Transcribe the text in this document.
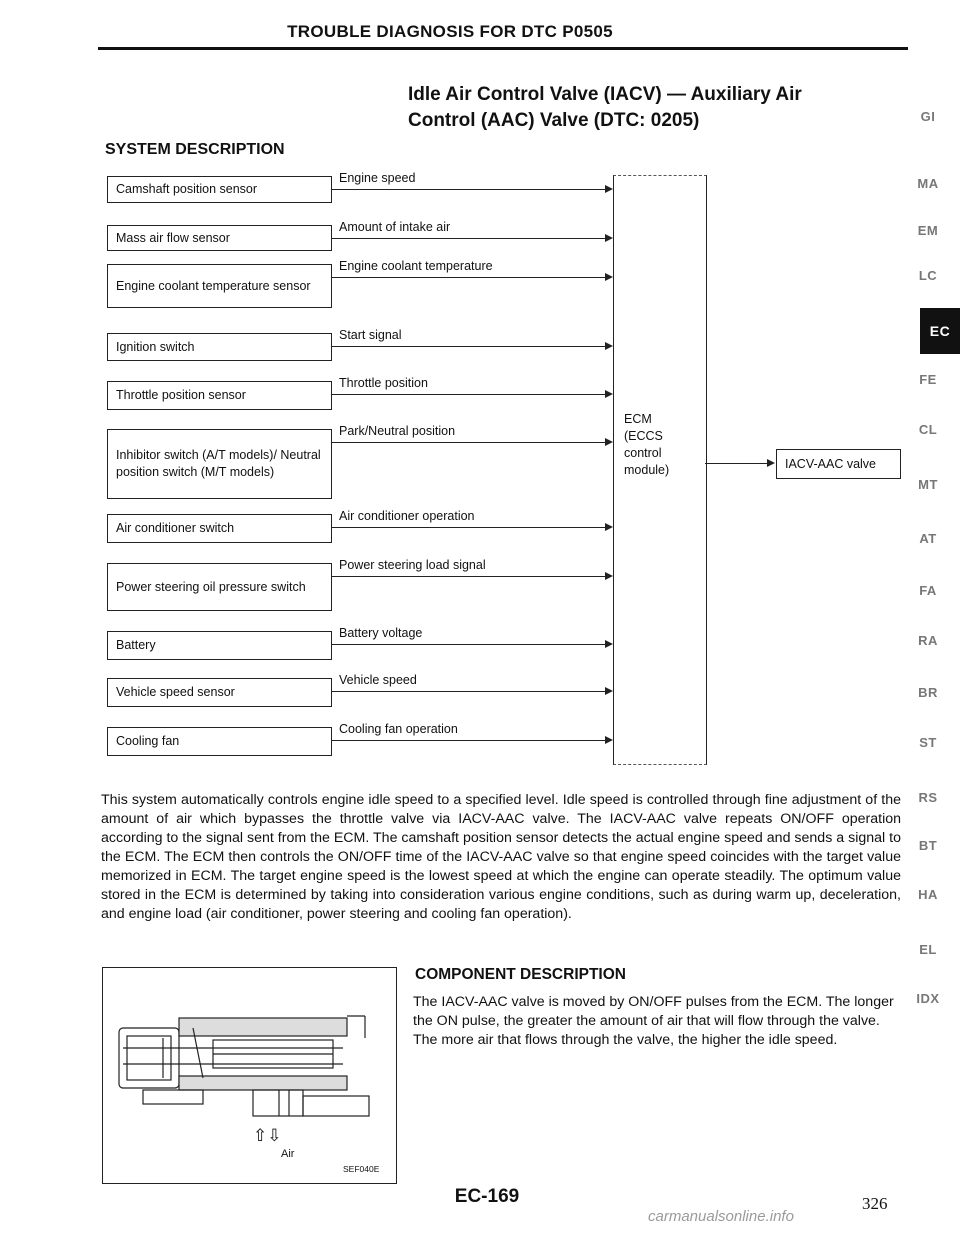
TROUBLE DIAGNOSIS FOR DTC P0505
Idle Air Control Valve (IACV) — Auxiliary Air
Control (AAC) Valve (DTC: 0205)
SYSTEM DESCRIPTION
Camshaft position sensor
Engine speed
Mass air flow sensor
Amount of intake air
Engine coolant temperature sensor
Engine coolant temperature
Ignition switch
Start signal
Throttle position sensor
Throttle position
Inhibitor switch (A/T models)/ Neutral position switch (M/T models)
Park/Neutral position
Air conditioner switch
Air conditioner operation
Power steering oil pressure switch
Power steering load signal
Battery
Battery voltage
Vehicle speed sensor
Vehicle speed
Cooling fan
Cooling fan operation
ECM
(ECCS
control
module)	IACV-AAC valve
GI
MA
EM
LC
EC
FE
CL
MT
AT
FA
RA
BR
ST
RS
BT
HA
EL
IDX
This system automatically controls engine idle speed to a specified level. Idle speed is controlled through fine adjustment of the amount of air which bypasses the throttle valve via IACV-AAC valve. The IACV-AAC valve repeats ON/OFF operation according to the signal sent from the ECM. The camshaft position sensor detects the actual engine speed and sends a signal to the ECM. The ECM then controls the ON/OFF time of the IACV-AAC valve so that engine speed coincides with the target value memorized in ECM. The target engine speed is the lowest speed at which the engine can operate steadily. The optimum value stored in the ECM is determined by taking into consideration various engine conditions, such as during warm up, deceleration, and engine load (air conditioner, power steering and cooling fan operation).
⇧⇩
Air
SEF040E
COMPONENT DESCRIPTION
The IACV-AAC valve is moved by ON/OFF pulses from the ECM. The longer the ON pulse, the greater the amount of air that will flow through the valve. The more air that flows through the valve, the higher the idle speed.
EC-169	326
carmanualsonline.info
